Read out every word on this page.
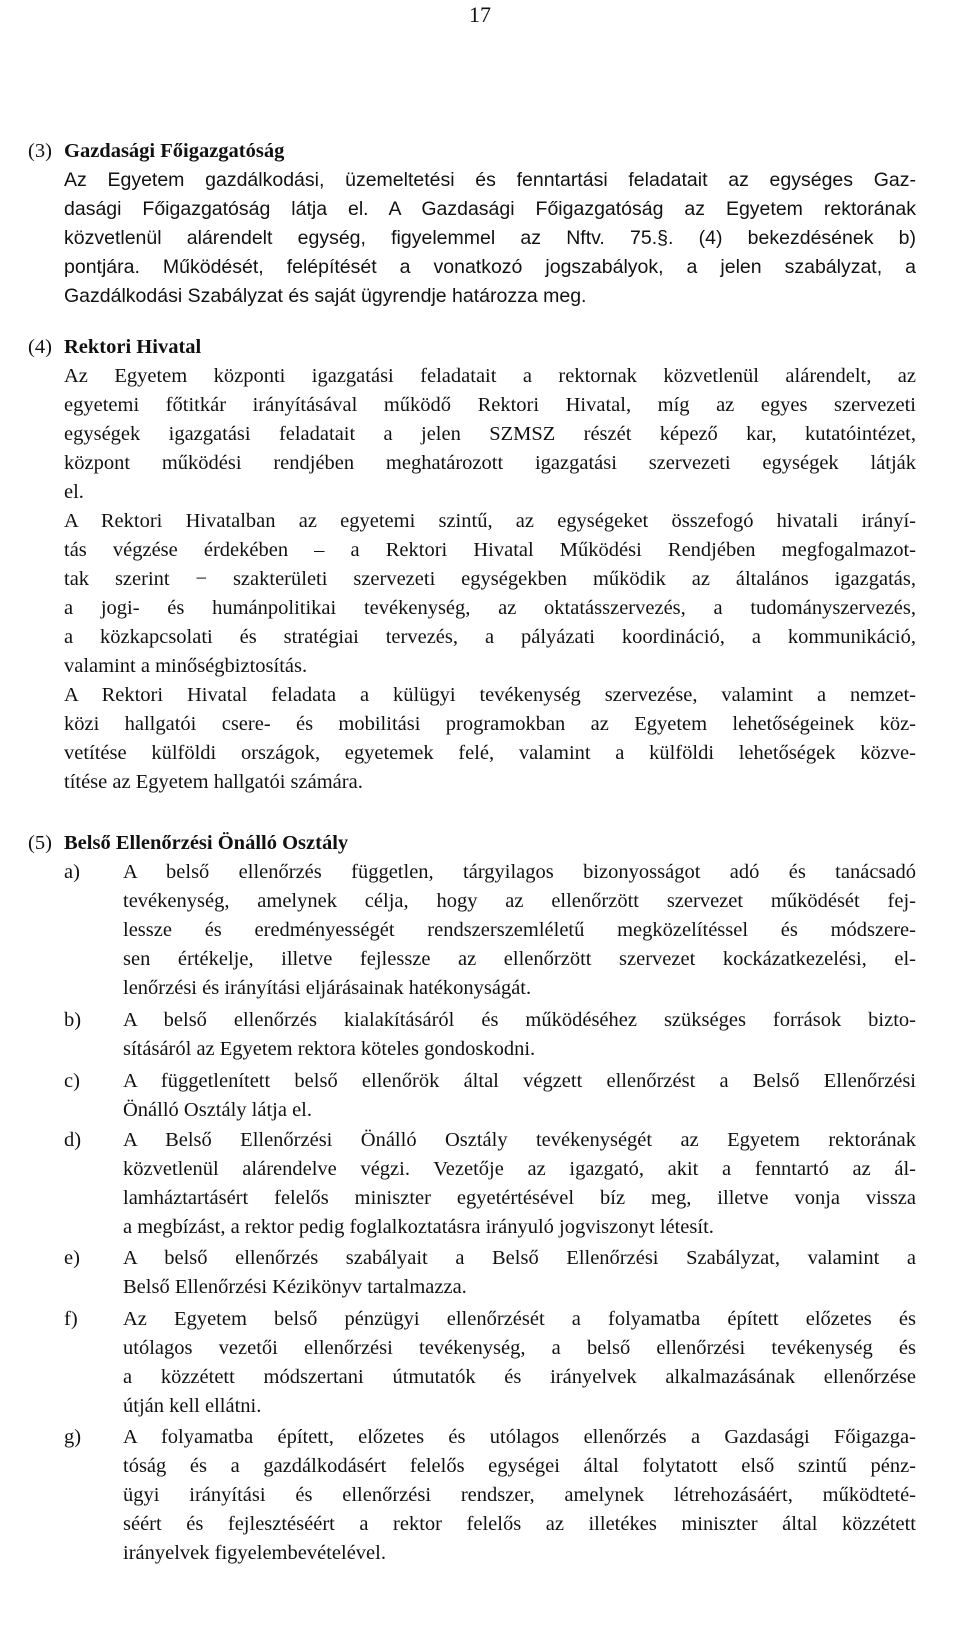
17
(3) Gazdasági Főigazgatóság
Az Egyetem gazdálkodási, üzemeltetési és fenntartási feladatait az egységes Gaz-
dasági Főigazgatóság látja el. A Gazdasági Főigazgatóság az Egyetem rektorának
közvetlenül alárendelt egység, figyelemmel az Nftv. 75.§. (4) bekezdésének b)
pontjára. Működését, felépítését a vonatkozó jogszabályok, a jelen szabályzat, a
Gazdálkodási Szabályzat és saját ügyrendje határozza meg.
(4) Rektori Hivatal
Az Egyetem központi igazgatási feladatait a rektornak közvetlenül alárendelt, az
egyetemi főtitkár irányításával működő Rektori Hivatal, míg az egyes szervezeti
egységek igazgatási feladatait a jelen SZMSZ részét képező kar, kutatóintézet,
központ működési rendjében meghatározott igazgatási szervezeti egységek látják
el.
A Rektori Hivatalban az egyetemi szintű, az egységeket összefogó hivatali irányí-
tás végzése érdekében – a Rektori Hivatal Működési Rendjében megfogalmazot-
tak szerint − szakterületi szervezeti egységekben működik az általános igazgatás,
a jogi- és humánpolitikai tevékenység, az oktatásszervezés, a tudományszervezés,
a közkapcsolati és stratégiai tervezés, a pályázati koordináció, a kommunikáció,
valamint a minőségbiztosítás.
A Rektori Hivatal feladata a külügyi tevékenység szervezése, valamint a nemzet-
közi hallgatói csere- és mobilitási programokban az Egyetem lehetőségeinek köz-
vetítése külföldi országok, egyetemek felé, valamint a külföldi lehetőségek közve-
títése az Egyetem hallgatói számára.
(5) Belső Ellenőrzési Önálló Osztály
a) A belső ellenőrzés független, tárgyilagos bizonyosságot adó és tanácsadó
tevékenység, amelynek célja, hogy az ellenőrzött szervezet működését fej-
lessze és eredményességét rendszerszemléletű megközelítéssel és módszere-
sen értékelje, illetve fejlessze az ellenőrzött szervezet kockázatkezelési, el-
lenőrzési és irányítási eljárásainak hatékonyságát.
b) A belső ellenőrzés kialakításáról és működéséhez szükséges források bizto-
sításáról az Egyetem rektora köteles gondoskodni.
c) A függetlenített belső ellenőrök által végzett ellenőrzést a Belső Ellenőrzési
Önálló Osztály látja el.
d) A Belső Ellenőrzési Önálló Osztály tevékenységét az Egyetem rektorának
közvetlenül alárendelve végzi. Vezetője az igazgató, akit a fenntartó az ál-
lamháztartásért felelős miniszter egyetértésével bíz meg, illetve vonja vissza
a megbízást, a rektor pedig foglalkoztatásra irányuló jogviszonyt létesít.
e) A belső ellenőrzés szabályait a Belső Ellenőrzési Szabályzat, valamint a
Belső Ellenőrzési Kézikönyv tartalmazza.
f) Az Egyetem belső pénzügyi ellenőrzését a folyamatba épített előzetes és
utólagos vezetői ellenőrzési tevékenység, a belső ellenőrzési tevékenység és
a közzétett módszertani útmutatók és irányelvek alkalmazásának ellenőrzése
útján kell ellátni.
g) A folyamatba épített, előzetes és utólagos ellenőrzés a Gazdasági Főigazga-
tóság és a gazdálkodásért felelős egységei által folytatott első szintű pénz-
ügyi irányítási és ellenőrzési rendszer, amelynek létrehozásáért, működteté-
séért és fejlesztéséért a rektor felelős az illetékes miniszter által közzétett
irányelvek figyelembevételével.
